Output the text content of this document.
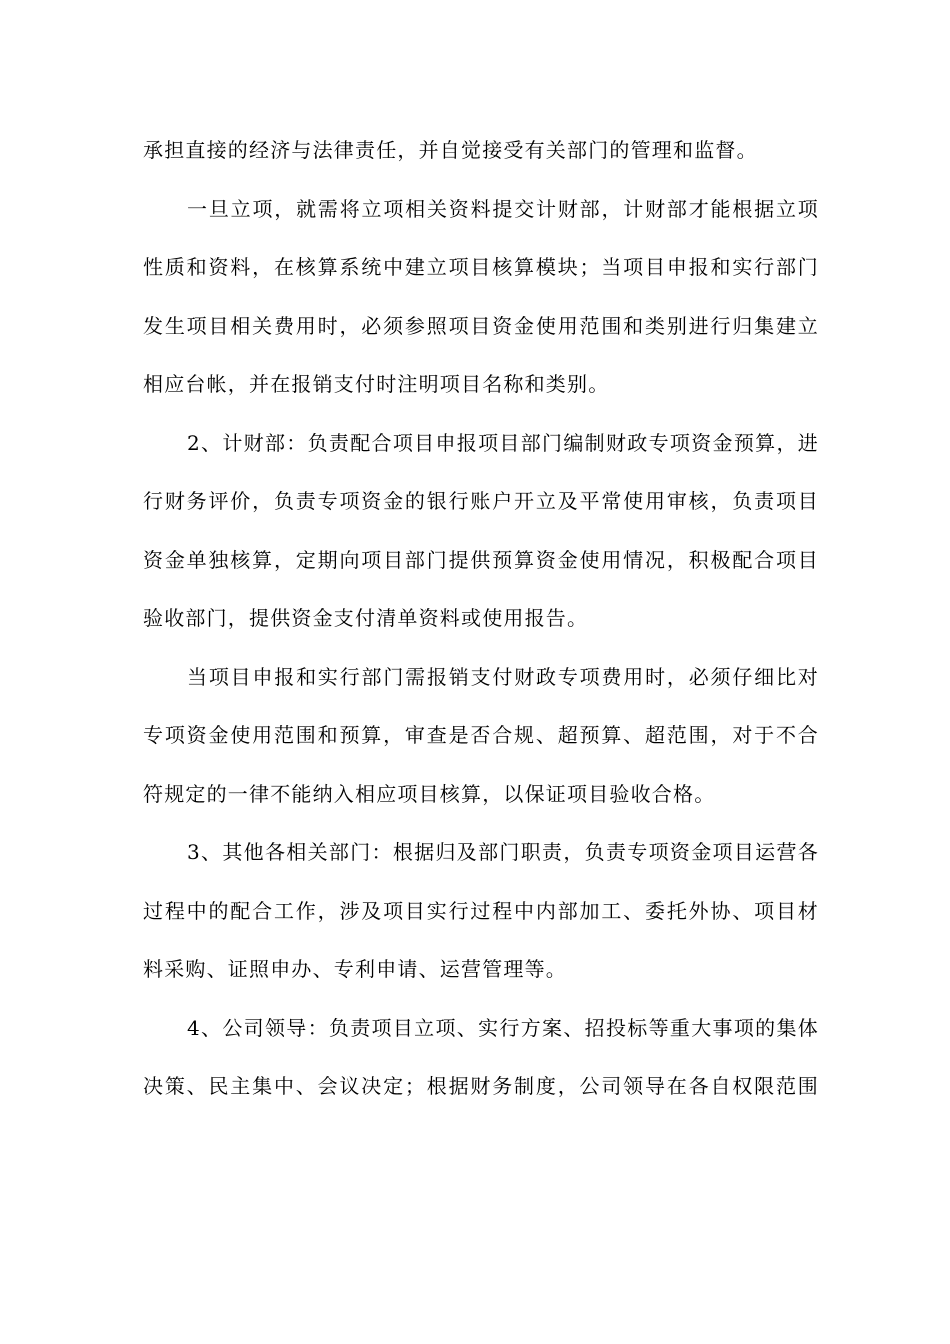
承担直接的经济与法律责任，并自觉接受有关部门的管理和监督。
一旦立项，就需将立项相关资料提交计财部，计财部才能根据立项
性质和资料，在核算系统中建立项目核算模块；当项目申报和实行部门
发生项目相关费用时，必须参照项目资金使用范围和类别进行归集建立
相应台帐，并在报销支付时注明项目名称和类别。
2、计财部：负责配合项目申报项目部门编制财政专项资金预算，进
行财务评价，负责专项资金的银行账户开立及平常使用审核，负责项目
资金单独核算，定期向项目部门提供预算资金使用情况，积极配合项目
验收部门，提供资金支付清单资料或使用报告。
当项目申报和实行部门需报销支付财政专项费用时，必须仔细比对
专项资金使用范围和预算，审查是否合规、超预算、超范围，对于不合
符规定的一律不能纳入相应项目核算，以保证项目验收合格。
3、其他各相关部门：根据归及部门职责，负责专项资金项目运营各
过程中的配合工作，涉及项目实行过程中内部加工、委托外协、项目材
料采购、证照申办、专利申请、运营管理等。
4、公司领导：负责项目立项、实行方案、招投标等重大事项的集体
决策、民主集中、会议决定；根据财务制度，公司领导在各自权限范围
